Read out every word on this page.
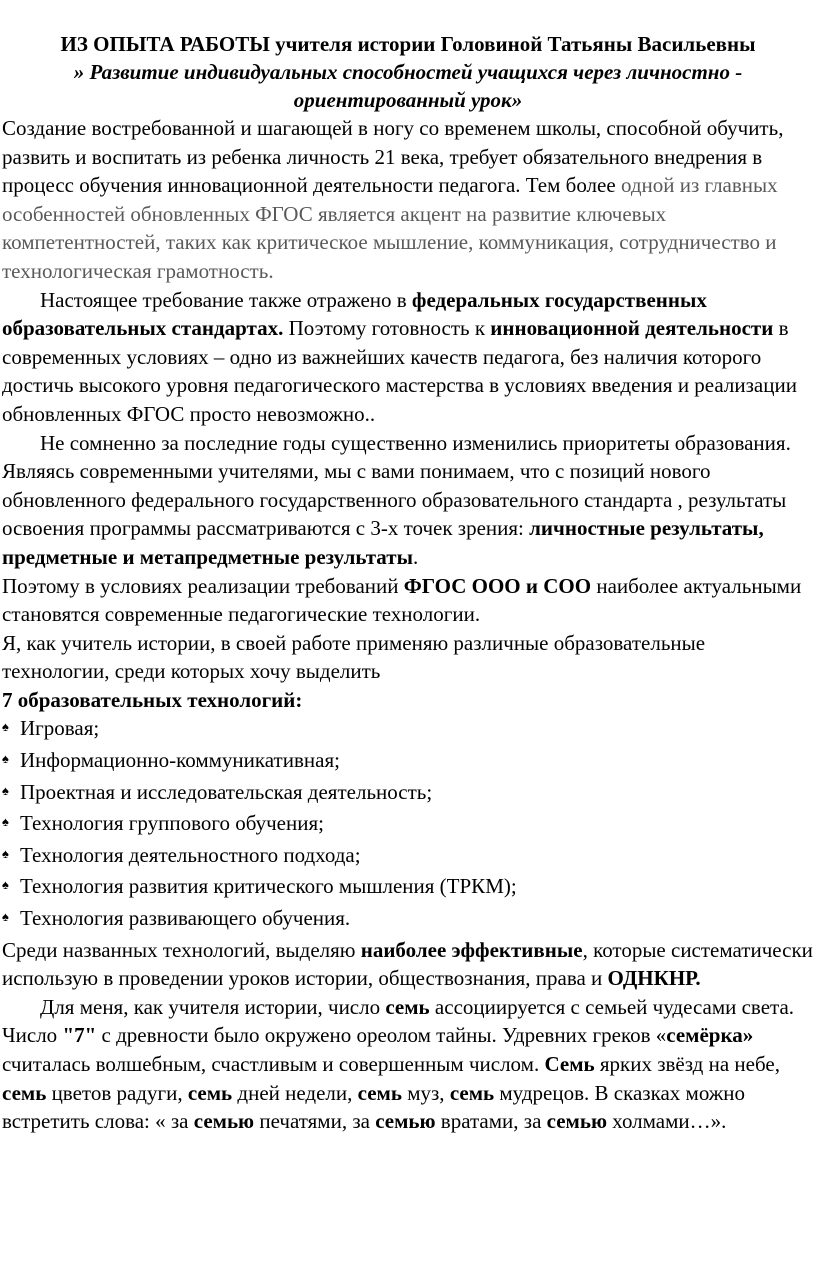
ИЗ ОПЫТА РАБОТЫ учителя истории Головиной Татьяны Васильевны

» Развитие индивидуальных способностей учащихся через личностно - ориентированный урок»

Создание востребованной и шагающей в ногу со временем школы, способной обучить, развить и воспитать из ребенка личность 21 века, требует обязательного внедрения в процесс обучения инновационной деятельности педагога. Тем более одной из главных особенностей обновленных ФГОС является акцент на развитие ключевых компетентностей, таких как критическое мышление, коммуникация, сотрудничество и технологическая грамотность.

Настоящее требование также отражено в федеральных государственных образовательных стандартах. Поэтому готовность к инновационной деятельности в современных условиях – одно из важнейших качеств педагога, без наличия которого достичь высокого уровня педагогического мастерства в условиях введения и реализации обновленных ФГОС просто невозможно..

Не сомненно за последние годы существенно изменились приоритеты образования. Являясь современными учителями, мы с вами понимаем, что с позиций нового обновленного федерального государственного образовательного стандарта , результаты освоения программы рассматриваются с 3-х точек зрения: личностные результаты, предметные и метапредметные результаты.

Поэтому в условиях реализации требований ФГОС ООО и СОО наиболее актуальными становятся современные педагогические технологии.

Я, как учитель истории, в своей работе применяю различные образовательные технологии, среди которых хочу выделить

7 образовательных технологий:

♠ Игровая;
♠ Информационно-коммуникативная;
♠ Проектная и исследовательская деятельность;
♠ Технология группового обучения;
♠ Технология деятельностного подхода;
♠ Технология развития критического мышления (ТРКМ);
♠ Технология развивающего обучения.

Среди названных технологий, выделяю наиболее эффективные, которые систематически использую в проведении уроков истории, обществознания, права и ОДНКНР.

Для меня, как учителя истории, число семь ассоциируется с семьей чудесами света. Число "7" с древности было окружено ореолом тайны. Удревних греков «семёрка» считалась волшебным, счастливым и совершенным числом. Семь ярких звёзд на небе, семь цветов радуги, семь дней недели, семь муз, семь мудрецов. В сказках можно встретить слова: « за семью печатями, за семью вратами, за семью холмами…».
